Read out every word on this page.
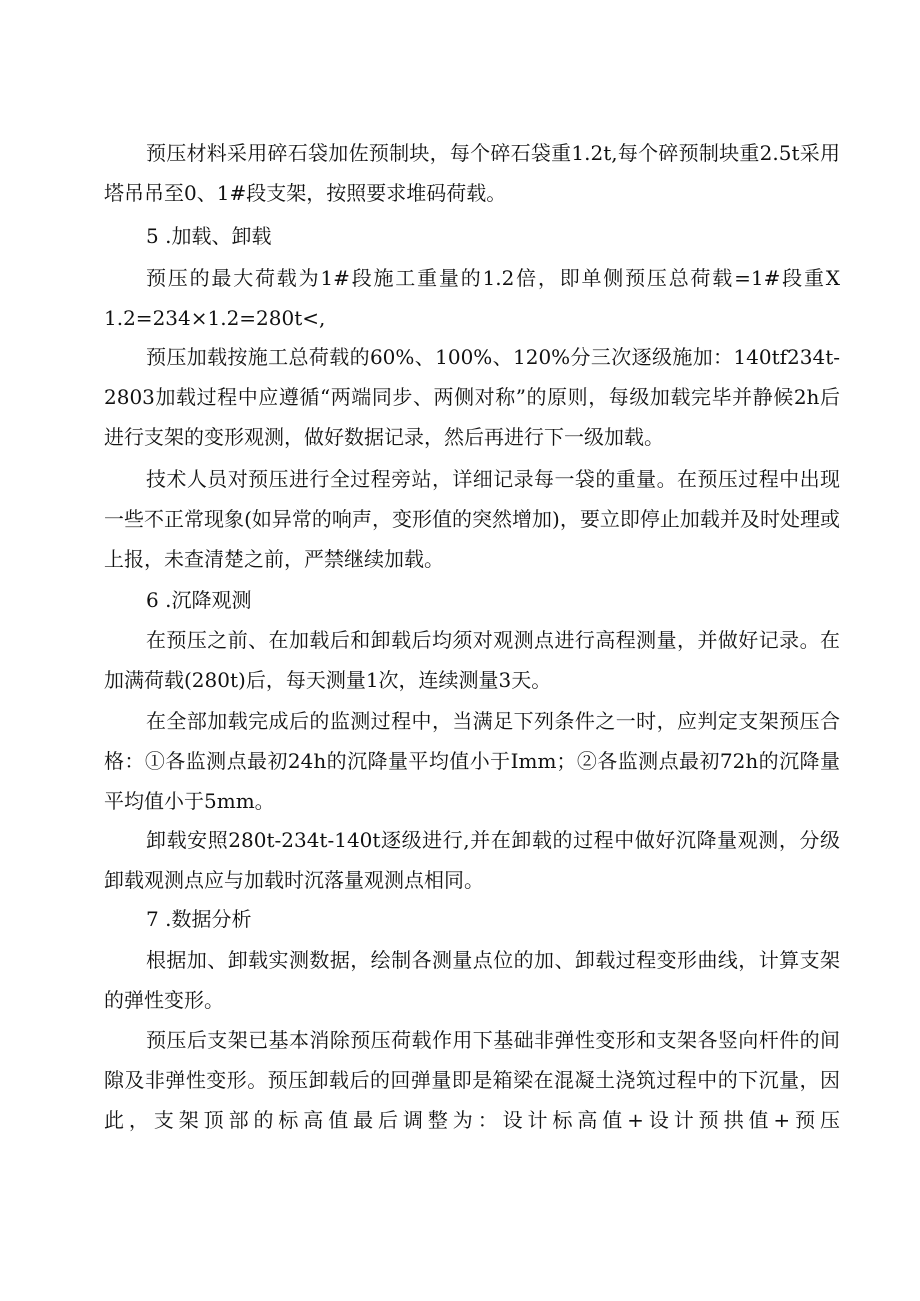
预压材料采用碎石袋加佐预制块，每个碎石袋重1.2t,每个碎预制块重2.5t采用塔吊吊至0、1#段支架，按照要求堆码荷载。

5 .加载、卸载

预压的最大荷载为1#段施工重量的1.2倍，即单侧预压总荷载=1#段重X 1.2=234×1.2=280t<,

预压加载按施工总荷载的60%、100%、120%分三次逐级施加：140tf234t-2803加载过程中应遵循“两端同步、两侧对称”的原则，每级加载完毕并静候2h后进行支架的变形观测，做好数据记录，然后再进行下一级加载。

技术人员对预压进行全过程旁站，详细记录每一袋的重量。在预压过程中出现一些不正常现象(如异常的响声，变形值的突然增加)，要立即停止加载并及时处理或上报，未查清楚之前，严禁继续加载。

6 .沉降观测

在预压之前、在加载后和卸载后均须对观测点进行高程测量，并做好记录。在加满荷载(280t)后，每天测量1次，连续测量3天。

在全部加载完成后的监测过程中，当满足下列条件之一时，应判定支架预压合格：①各监测点最初24h的沉降量平均值小于Imm；②各监测点最初72h的沉降量平均值小于5mm。

卸载安照280t-234t-140t逐级进行,并在卸载的过程中做好沉降量观测，分级卸载观测点应与加载时沉落量观测点相同。

7 .数据分析

根据加、卸载实测数据，绘制各测量点位的加、卸载过程变形曲线，计算支架的弹性变形。

预压后支架已基本消除预压荷载作用下基础非弹性变形和支架各竖向杆件的间隙及非弹性变形。预压卸载后的回弹量即是箱梁在混凝土浇筑过程中的下沉量，因此，支架顶部的标高值最后调整为：设计标高值+设计预拱值+预压
